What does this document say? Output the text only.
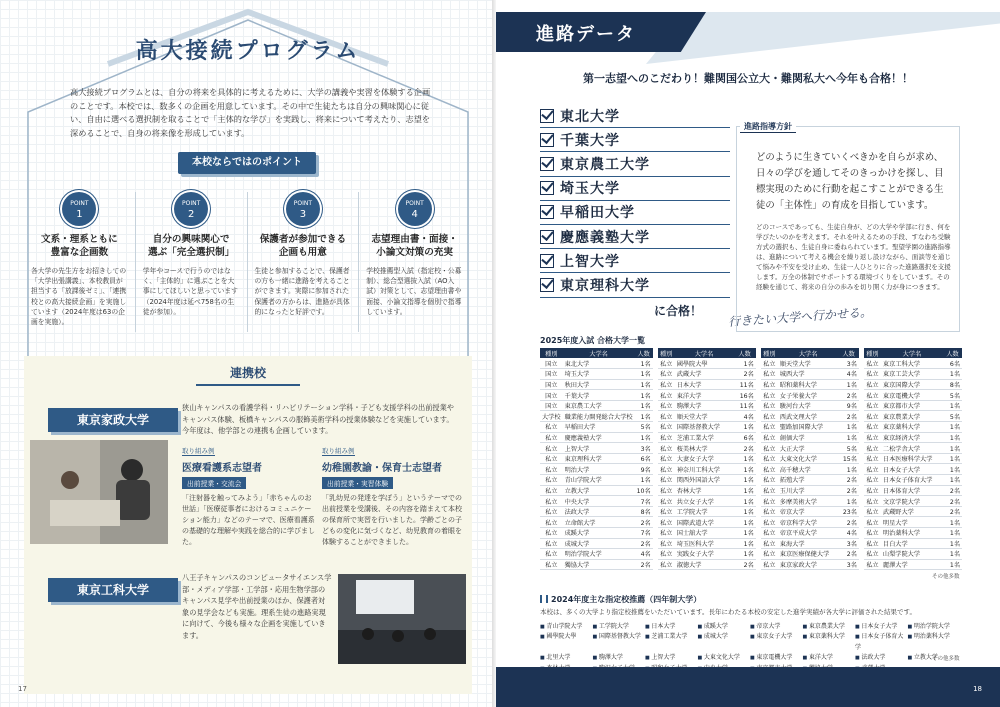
高大接続プログラム
高大接続プログラムとは、自分の将来を具体的に考えるために、大学の講義や実習を体験する企画のことです。本校では、数多くの企画を用意しています。その中で生徒たちは自分の興味関心に従い、自由に選べる選択制を取ることで「主体的な学び」を実践し、将来について考えたり、志望を深めることで、自身の将来像を形成しています。
本校ならではのポイント
POINT
1
文系・理系ともに
豊富な企画数
各大学の先生方をお招きしての「大学出張講義」、本校教員が担当する「放課後ゼミ」、「連携校との高大接続企画」を実施しています（2024年度は63の企画を実施）。
POINT
2
自分の興味関心で
選ぶ「完全選択制」
学年やコースで行うのではなく、「主体的」に選ぶことを大事にしてほしいと思っています（2024年度は延べ758名の生徒が参加）。
POINT
3
保護者が参加できる
企画も用意
生徒と参加することで、保護者の方も一緒に進路を考えることができます。実際に参加された保護者の方からは、進路が具体的になったと好評です。
POINT
4
志望理由書・面接・
小論文対策の充実
学校推薦型入試（指定校・公募制）、総合型選抜入試（AO入試）対策として、志望理由書や面接、小論文指導を個別で指導しています。
連携校
東京家政大学
狭山キャンパスの看護学科・リハビリテーション学科・子ども支援学科の出前授業やキャンパス体験、板橋キャンパスの服飾美術学科の授業体験などを実施しています。今年度は、他学部との連携も企画しています。
取り組み例
医療看護系志望者
出前授業・交流会
「注射器を触ってみよう」「赤ちゃんのお世話」「医療従事者におけるコミュニケーション能力」などのテーマで、医療看護系の基礎的な理解や実践を総合的に学びました。
取り組み例
幼稚園教諭・保育士志望者
出前授業・実習体験
「乳幼児の発達を学ぼう」というテーマでの出前授業を受講後、その内容を踏まえて本校の保育所で実習を行いました。学齢ごとの子どもの変化に気づくなど、幼児教育の着眼を体験することができました。
東京工科大学
八王子キャンパスのコンピュータサイエンス学部・メディア学部・工学部・応用生物学部のキャンパス見学や出前授業のほか、保護者対象の見学会なども実施。理系生徒の進路実現に向けて、今後も様々な企画を実施していきます。
17
進路データ
第一志望へのこだわり！難関国公立大・難関私大へ今年も合格！！
東北大学
千葉大学
東京農工大学
埼玉大学
早稲田大学
慶應義塾大学
上智大学
東京理科大学
に合格！ 行きたい大学へ行かせる。
進路指導方針
どのように生きていくべきかを自らが求め、日々の学びを通してそのきっかけを探し、目標実現のために行動を起こすことができる生徒の「主体性」の育成を目指しています。
どのコースであっても、生徒自身が、どの大学や学部に行き、何を学びたいのかを考えます。それを叶えるための手段、すなわち受験方式の選択も、生徒自身に委ねられています。聖望学園の進路指導は、進路について考える機会を繰り返し設けながら、面談等を通じて悩みや不安を受け止め、生徒一人ひとりに合った進路選択を支援します。万全の体制でサポートする環境づくりをしています。その経験を通じて、将来の自分の歩みを切り開く力が身につきます。
2025年度入試 合格大学一覧
種別	大学名	人数
国立	東北大学	1名
国立	埼玉大学	1名
国立	秋田大学	1名
国立	千葉大学	1名
国立	東京農工大学	1名
大学校	職業能力開発総合大学校	1名
私立	早稲田大学	5名
私立	慶應義塾大学	1名
私立	上智大学	3名
私立	東京理科大学	6名
私立	明治大学	9名
私立	青山学院大学	1名
私立	立教大学	10名
私立	中央大学	7名
私立	法政大学	8名
私立	立命館大学	2名
私立	成蹊大学	7名
私立	成城大学	2名
私立	明治学院大学	4名
私立	獨協大学	2名
種別	大学名	人数
私立	國學院大學	1名
私立	武蔵大学	2名
私立	日本大学	11名
私立	東洋大学	16名
私立	駒澤大学	11名
私立	順天堂大学	4名
私立	国際基督教大学	1名
私立	芝浦工業大学	6名
私立	桜美林大学	2名
私立	大妻女子大学	1名
私立	神奈川工科大学	1名
私立	関西外国語大学	1名
私立	杏林大学	1名
私立	共立女子大学	1名
私立	工学院大学	1名
私立	国際武道大学	1名
私立	国士舘大学	1名
私立	埼玉医科大学	1名
私立	実践女子大学	1名
私立	淑徳大学	2名
種別	大学名	人数
私立	順天堂大学	3名
私立	城西大学	4名
私立	昭和薬科大学	1名
私立	女子栄養大学	2名
私立	駿河台大学	9名
私立	西武文理大学	2名
私立	聖路加国際大学	1名
私立	創価大学	1名
私立	大正大学	5名
私立	大東文化大学	15名
私立	高千穂大学	1名
私立	拓殖大学	2名
私立	玉川大学	2名
私立	多摩美術大学	1名
私立	帝京大学	23名
私立	帝京科学大学	2名
私立	帝京平成大学	4名
私立	東海大学	3名
私立	東京医療保健大学	2名
私立	東京家政大学	3名
種別	大学名	人数
私立	東京工科大学	6名
私立	東京工芸大学	1名
私立	東京国際大学	8名
私立	東京電機大学	5名
私立	東京都市大学	1名
私立	東京農業大学	5名
私立	東京薬科大学	1名
私立	東京経済大学	1名
私立	二松学舎大学	1名
私立	日本医療科学大学	1名
私立	日本女子大学	1名
私立	日本女子体育大学	1名
私立	日本体育大学	2名
私立	文京学院大学	2名
私立	武蔵野大学	2名
私立	明星大学	1名
私立	明治薬科大学	1名
私立	目白大学	1名
私立	山梨学院大学	1名
私立	麗澤大学	1名
その他多数
2024年度主な指定校推薦（四年制大学）
本校は、多くの大学より指定校推薦をいただいています。長年にわたる本校の安定した進学実績が各大学に評価された結果です。
■ 青山学院大学	■ 工学院大学	■ 日本大学	■ 成蹊大学	■ 帝京大学	■ 東京農業大学	■ 日本女子大学	■ 明治学院大学
■ 國學院大學	■ 国際基督教大学	■ 芝浦工業大学	■ 成城大学	■ 東京女子大学	■ 東京薬科大学	■ 日本女子体育大学
■ 明治薬科大学
■ 北里大学	■ 駒澤大学	■ 上智大学	■ 大東文化大学	■ 東京電機大学	■ 東洋大学	■ 法政大学	■ 立教大学
■
■
■
■
■
■
■
その他多数
18
